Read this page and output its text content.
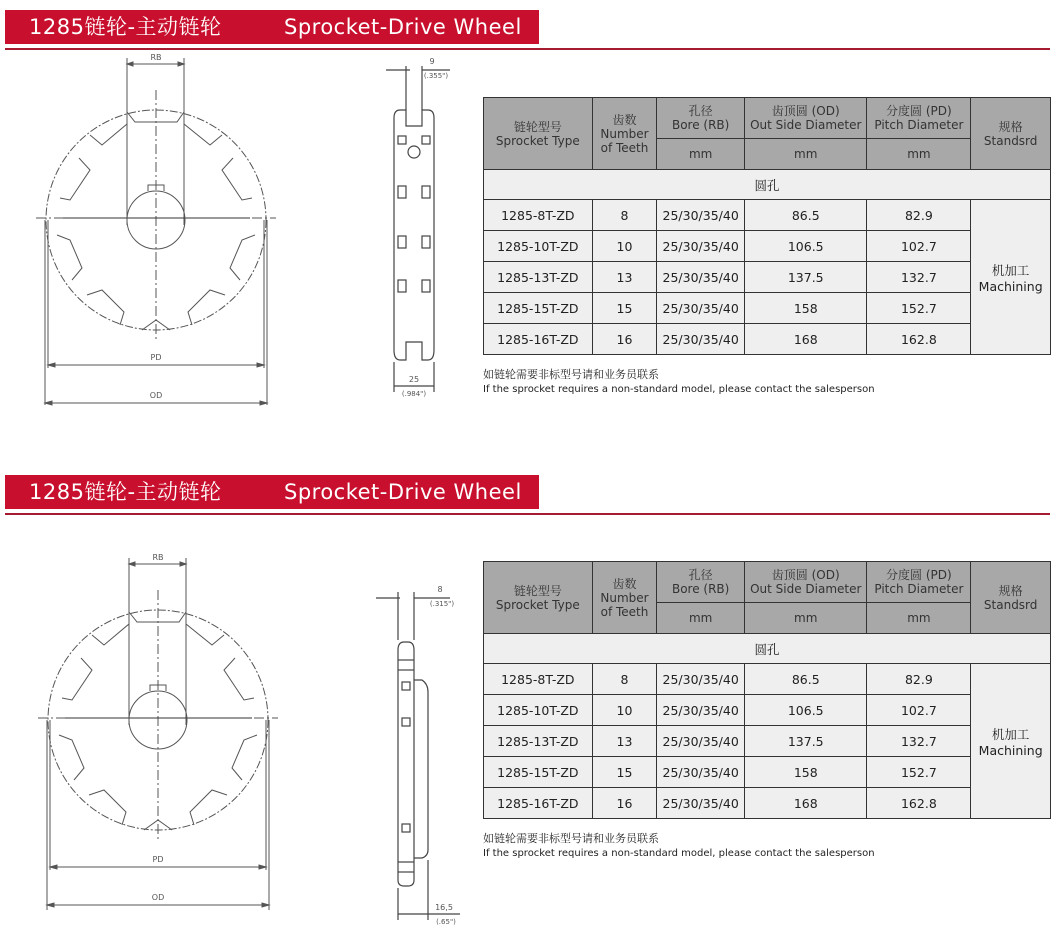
1285链轮-主动链轮	Sprocket-Drive Wheel
RB
PD
OD
9
(.355")
25
(.984")
链轮型号
Sprocket Type	齿数
Number
of Teeth	孔径
Bore (RB)	齿顶圆 (OD)
Out Side Diameter	分度圆 (PD)
Pitch Diameter	规格
Standsrd
		mm	mm	mm	
圆孔					
1285-8T-ZD	8	25/30/35/40	86.5	82.9	机加工
Machining
1285-10T-ZD	10	25/30/35/40	106.5	102.7	
1285-13T-ZD	13	25/30/35/40	137.5	132.7	
1285-15T-ZD	15	25/30/35/40	158	152.7	
1285-16T-ZD	16	25/30/35/40	168	162.8	
如链轮需要非标型号请和业务员联系
If the sprocket requires a non-standard model, please contact the salesperson
1285链轮-主动链轮	Sprocket-Drive Wheel
RB
PD
OD
8
(.315")
16,5
(.65")
链轮型号
Sprocket Type	齿数
Number
of Teeth	孔径
Bore (RB)	齿顶圆 (OD)
Out Side Diameter	分度圆 (PD)
Pitch Diameter	规格
Standsrd
		mm	mm	mm	
圆孔					
1285-8T-ZD	8	25/30/35/40	86.5	82.9	机加工
Machining
1285-10T-ZD	10	25/30/35/40	106.5	102.7	
1285-13T-ZD	13	25/30/35/40	137.5	132.7	
1285-15T-ZD	15	25/30/35/40	158	152.7	
1285-16T-ZD	16	25/30/35/40	168	162.8	
如链轮需要非标型号请和业务员联系
If the sprocket requires a non-standard model, please contact the salesperson
